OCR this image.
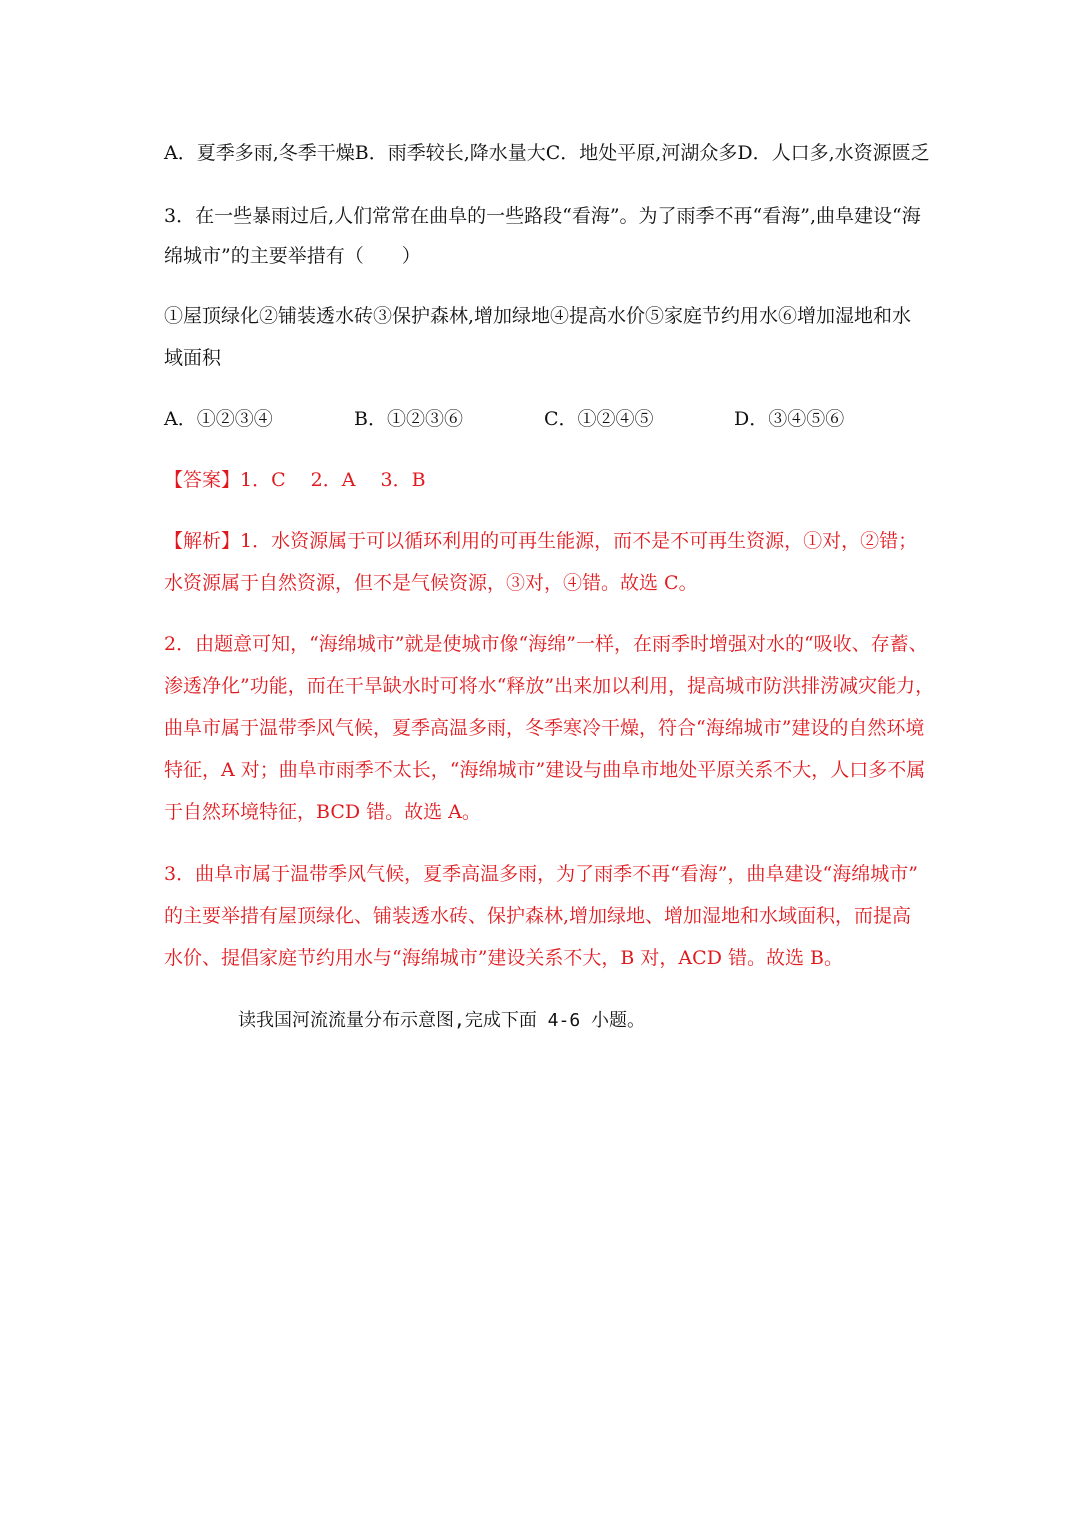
A．夏季多雨,冬季干燥B．雨季较长,降水量大C．地处平原,河湖众多D．人口多,水资源匮乏
3．在一些暴雨过后,人们常常在曲阜的一些路段“看海”。为了雨季不再“看海”,曲阜建设“海
绵城市”的主要举措有（　　）
①屋顶绿化②铺装透水砖③保护森林,增加绿地④提高水价⑤家庭节约用水⑥增加湿地和水
域面积
A．①②③④	B．①②③⑥	C．①②④⑤	D．③④⑤⑥
【答案】1．C　 2．A　 3．B
【解析】1．水资源属于可以循环利用的可再生能源，而不是不可再生资源，①对，②错；
水资源属于自然资源，但不是气候资源，③对，④错。故选 C。
2．由题意可知，“海绵城市”就是使城市像“海绵”一样，在雨季时增强对水的“吸收、存蓄、
渗透净化”功能，而在干旱缺水时可将水“释放”出来加以利用，提高城市防洪排涝减灾能力，
曲阜市属于温带季风气候，夏季高温多雨，冬季寒冷干燥，符合“海绵城市”建设的自然环境
特征，A 对；曲阜市雨季不太长，“海绵城市”建设与曲阜市地处平原关系不大，人口多不属
于自然环境特征，BCD 错。故选 A。
3．曲阜市属于温带季风气候，夏季高温多雨，为了雨季不再“看海”，曲阜建设“海绵城市”
的主要举措有屋顶绿化、铺装透水砖、保护森林,增加绿地、增加湿地和水域面积，而提高
水价、提倡家庭节约用水与“海绵城市”建设关系不大，B 对，ACD 错。故选 B。
读我国河流流量分布示意图,完成下面 4-6 小题。
